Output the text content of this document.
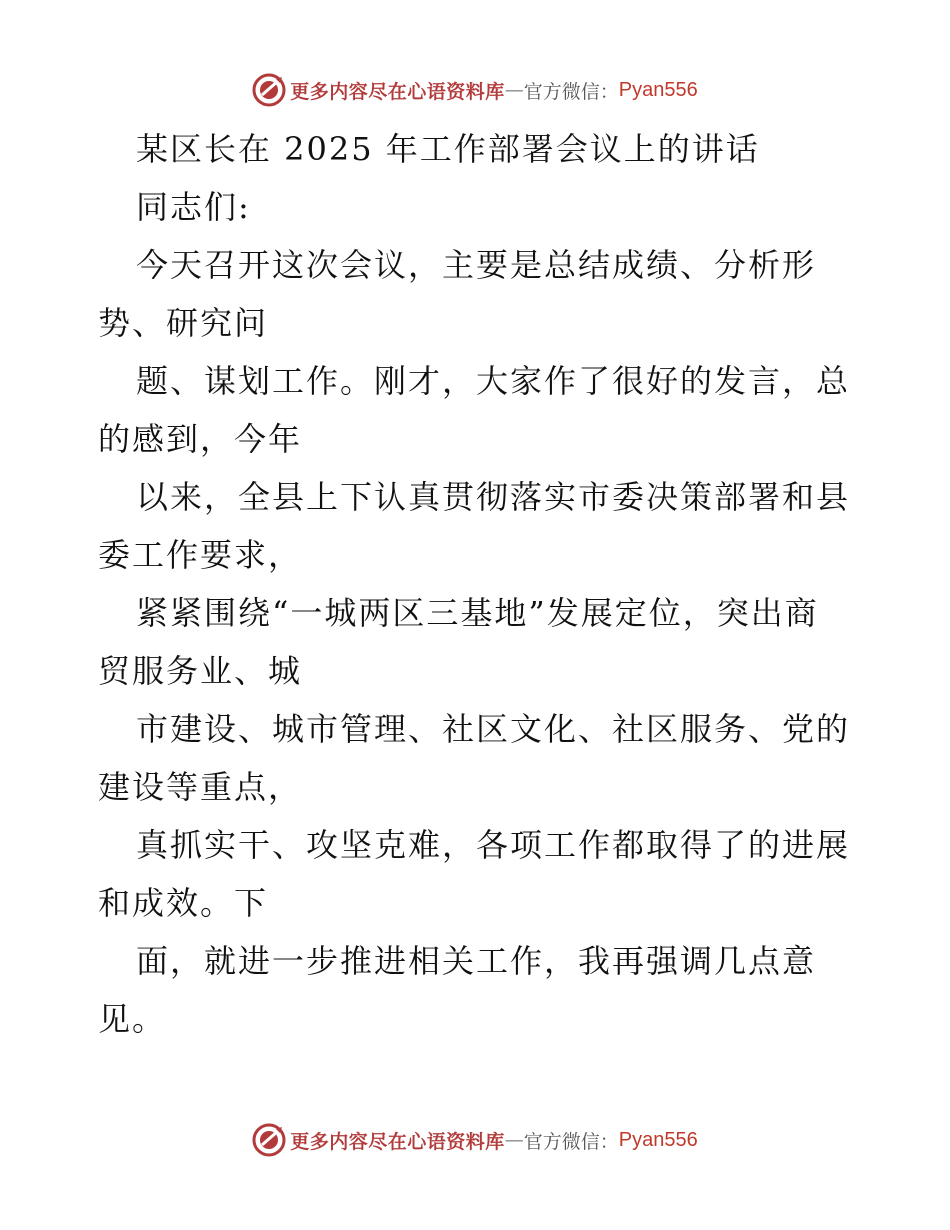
更多内容尽在心语资料库 — 官方微信： Pyan556

某区长在 2025 年工作部署会议上的讲话

同志们:

今天召开这次会议，主要是总结成绩、分析形

势、研究问

题、谋划工作。刚才，大家作了很好的发言，总

的感到，今年

以来，全县上下认真贯彻落实市委决策部署和县

委工作要求，

紧紧围绕“一城两区三基地”发展定位，突出商

贸服务业、城

市建设、城市管理、社区文化、社区服务、党的

建设等重点，

真抓实干、攻坚克难，各项工作都取得了的进展

和成效。下

面，就进一步推进相关工作，我再强调几点意

见。

更多内容尽在心语资料库 — 官方微信： Pyan556
